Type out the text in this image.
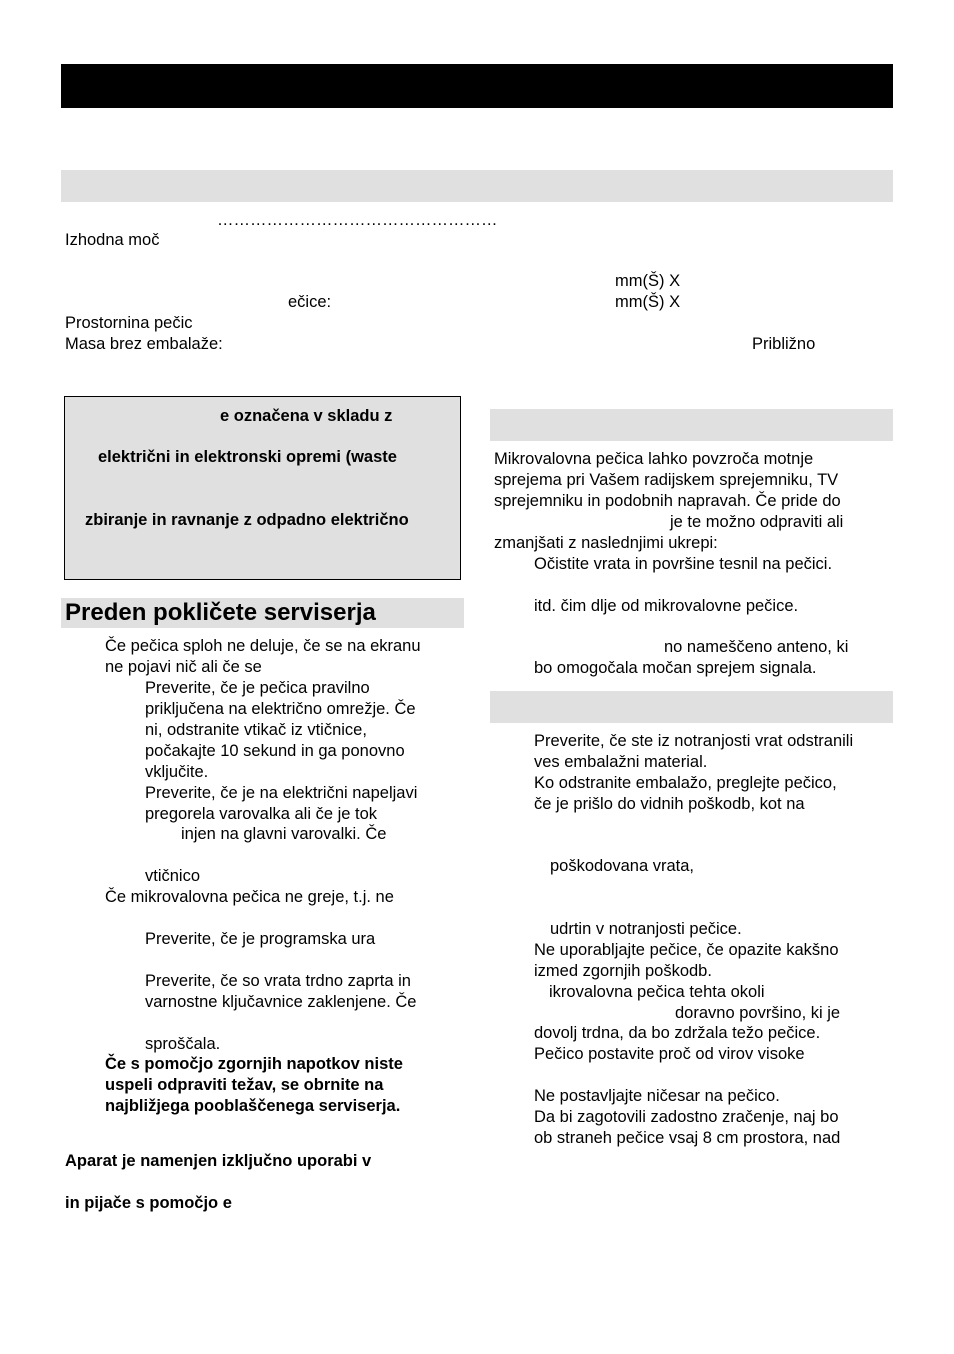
……………………………………………
Izhodna moč
mm(Š) X
ečice:	mm(Š) X
Prostornina pečic
Masa brez embalaže:	Približno
e označena v skladu z
električni in elektronski opremi (waste
zbiranje in ravnanje z odpadno električno
Preden pokličete serviserja
Če pečica sploh ne deluje, če se na ekranu
ne pojavi nič ali če se
Preverite, če je pečica pravilno
priključena na električno omrežje. Če
ni, odstranite vtikač iz vtičnice,
počakajte 10 sekund in ga ponovno
vključite.
Preverite, če je na električni napeljavi
pregorela varovalka ali če je tok
injen na glavni varovalki. Če
vtičnico
Če mikrovalovna pečica ne greje, t.j. ne
Preverite, če je programska ura
Preverite, če so vrata trdno zaprta in
varnostne ključavnice zaklenjene. Če
sproščala.
Če s pomočjo zgornjih napotkov niste
uspeli odpraviti težav, se obrnite na
najbližjega pooblaščenega serviserja.
Aparat je namenjen izključno uporabi v
in pijače s pomočjo e
Mikrovalovna pečica lahko povzroča motnje
sprejema pri Vašem radijskem sprejemniku, TV
sprejemniku in podobnih napravah. Če pride do
je te možno odpraviti ali
zmanjšati z naslednjimi ukrepi:
Očistite vrata in površine tesnil na pečici.
itd. čim dlje od mikrovalovne pečice.
no nameščeno anteno, ki
bo omogočala močan sprejem signala.
Preverite, če ste iz notranjosti vrat odstranili
ves embalažni material.
Ko odstranite embalažo, preglejte pečico,
če je prišlo do vidnih poškodb, kot na
poškodovana vrata,
udrtin v notranjosti pečice.
Ne uporabljajte pečice, če opazite kakšno
izmed zgornjih poškodb.
ikrovalovna pečica tehta okoli
doravno površino, ki je
dovolj trdna, da bo zdržala težo pečice.
Pečico postavite proč od virov visoke
Ne postavljajte ničesar na pečico.
Da bi zagotovili zadostno zračenje, naj bo
ob straneh pečice vsaj 8 cm prostora, nad
